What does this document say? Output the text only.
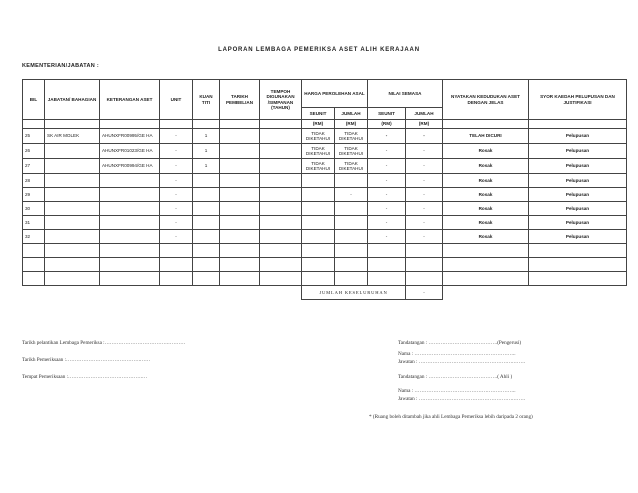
LAPORAN LEMBAGA PEMERIKSA ASET ALIH KERAJAAN
KEMENTERIAN/JABATAN :
BIL	JABATAN/ BAHAGIAN	KETERANGAN ASET	UNIT	KUAN TITI	TARIKH PEMBELIAN	TEMPOH DIGUNAKAN /SIMPANAN (TAHUN)	HARGA PEROLEHAN ASAL		NILAI SEMASA		NYATAKAN KEDUDUKAN ASET DENGAN JELAS	SYOR KAEDAH PELUPUSAN DAN JUSTIFIKASI
							SEUNIT	JUMLAH	SEUNIT	JUMLAH		
							(RM)	(RM)	(RM)	(RM)		
25	SK AIR MOLEK	AHUNXFR00995/GE HA	-	1			TIDAK DIKETAHUI	TIDAK DIKETAHUI	-	-	TELAH DICURI	Pelupusan
26		AHUNXFR01023/GE HA	-	1			TIDAK DIKETAHUI	TIDAK DIKETAHUI	-	-	Rosak	Pelupusan
27		AHUNXFR00994/GE HA	-	1			TIDAK DIKETAHUI	TIDAK DIKETAHUI	-	-	Rosak	Pelupusan
28			-						-	-	Rosak	Pelupusan
29			-					-	-	-	Rosak	Pelupusan
30			-						-	-	Rosak	Pelupusan
31			-						-	-	Rosak	Pelupusan
32			-						-	-	Rosak	Pelupusan

							JUMLAH KESELURUHAN			-		
Tarikh pelantikan Lembaga Pemeriksa :……………………………….……….
Tarikh Pemeriksaan :…………………………………….……
Tempat Pemeriksaan :…………………………………….…
Tandatangan : ………………………………….(Pengerusi)
Nama : …………………………………………………..
Jawatan : ……………………………………………….…….
Tandatangan : ………………………………….( Ahli )
Nama : …………………………………………………..
Jawatan : ……………………………………………….…….
* (Ruang boleh ditambah jika ahli Lembaga Pemeriksa lebih daripada 2 orang)
